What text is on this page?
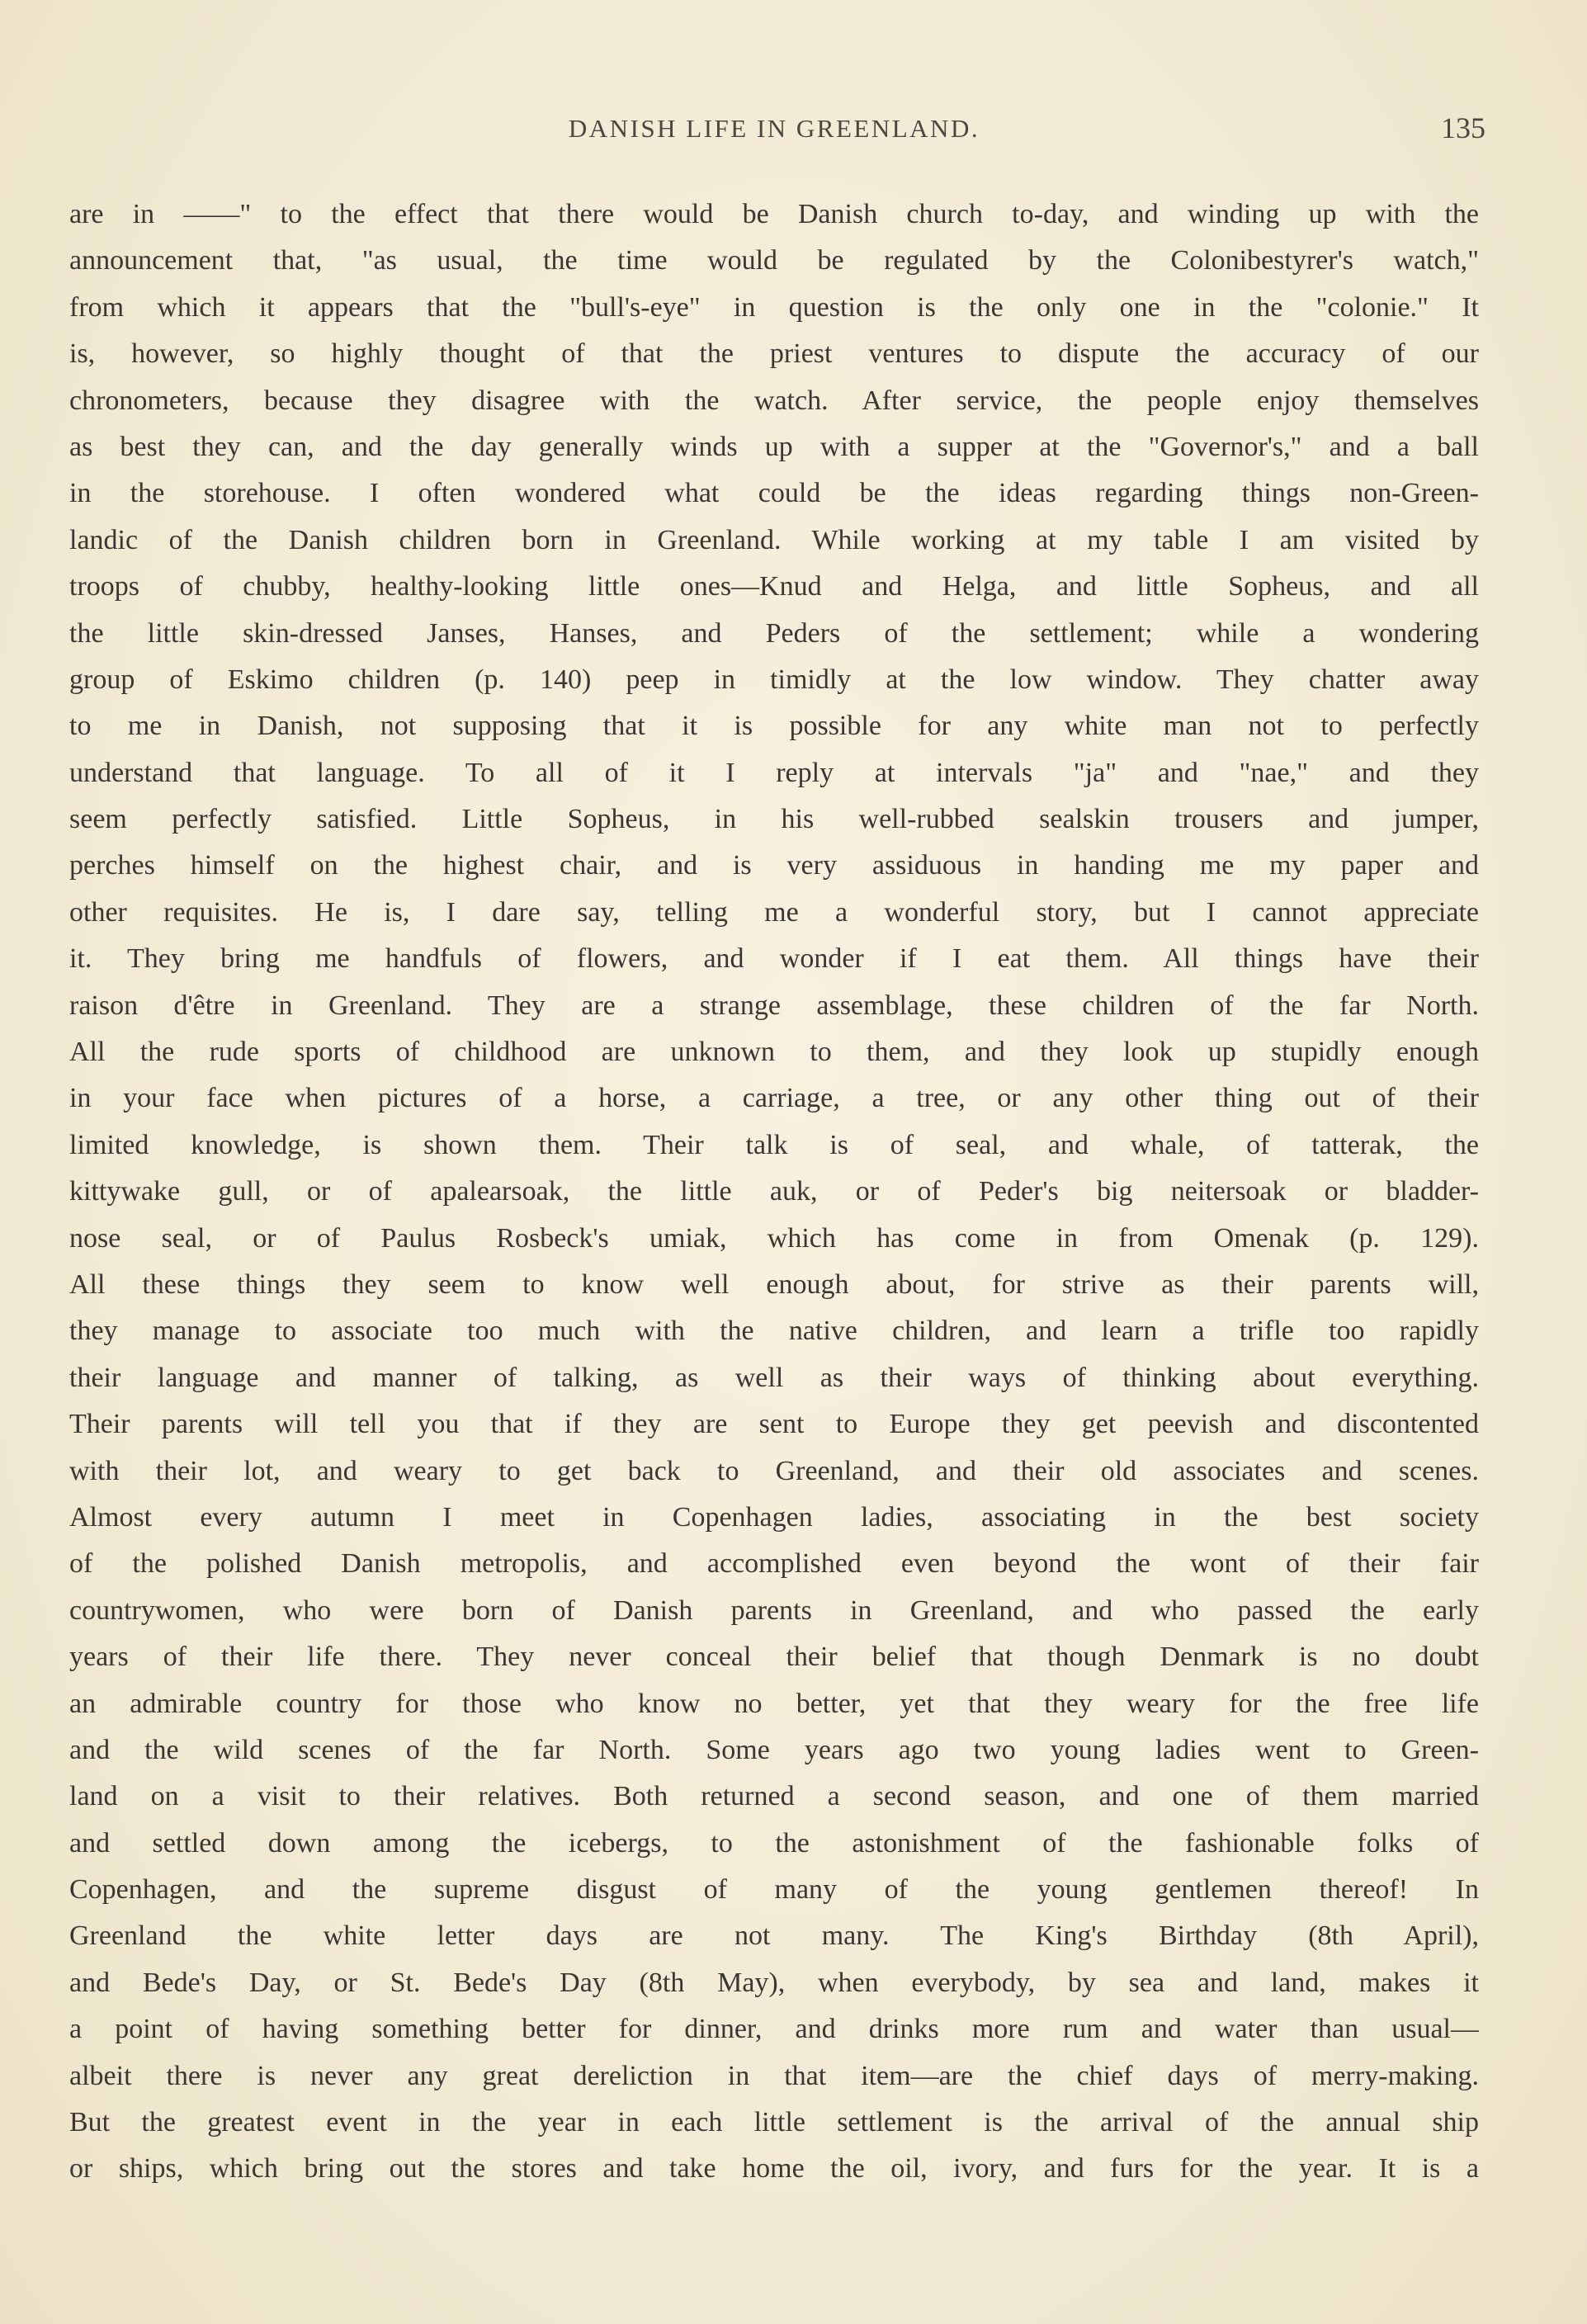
DANISH LIFE IN GREENLAND.	135
are in ——" to the effect that there would be Danish church to-day, and winding up with the
announcement that, "as usual, the time would be regulated by the Colonibestyrer's watch,"
from which it appears that the "bull's-eye" in question is the only one in the "colonie." It
is, however, so highly thought of that the priest ventures to dispute the accuracy of our
chronometers, because they disagree with the watch. After service, the people enjoy themselves
as best they can, and the day generally winds up with a supper at the "Governor's," and a ball
in the storehouse. I often wondered what could be the ideas regarding things non-Green-
landic of the Danish children born in Greenland. While working at my table I am visited by
troops of chubby, healthy-looking little ones—Knud and Helga, and little Sopheus, and all
the little skin-dressed Janses, Hanses, and Peders of the settlement; while a wondering
group of Eskimo children (p. 140) peep in timidly at the low window. They chatter away
to me in Danish, not supposing that it is possible for any white man not to perfectly
understand that language. To all of it I reply at intervals "ja" and "nae," and they
seem perfectly satisfied. Little Sopheus, in his well-rubbed sealskin trousers and jumper,
perches himself on the highest chair, and is very assiduous in handing me my paper and
other requisites. He is, I dare say, telling me a wonderful story, but I cannot appreciate
it. They bring me handfuls of flowers, and wonder if I eat them. All things have their
raison d'être in Greenland. They are a strange assemblage, these children of the far North.
All the rude sports of childhood are unknown to them, and they look up stupidly enough
in your face when pictures of a horse, a carriage, a tree, or any other thing out of their
limited knowledge, is shown them. Their talk is of seal, and whale, of tatterak, the
kittywake gull, or of apalearsoak, the little auk, or of Peder's big neitersoak or bladder-
nose seal, or of Paulus Rosbeck's umiak, which has come in from Omenak (p. 129).
All these things they seem to know well enough about, for strive as their parents will,
they manage to associate too much with the native children, and learn a trifle too rapidly
their language and manner of talking, as well as their ways of thinking about everything.
Their parents will tell you that if they are sent to Europe they get peevish and discontented
with their lot, and weary to get back to Greenland, and their old associates and scenes.
Almost every autumn I meet in Copenhagen ladies, associating in the best society
of the polished Danish metropolis, and accomplished even beyond the wont of their fair
countrywomen, who were born of Danish parents in Greenland, and who passed the early
years of their life there. They never conceal their belief that though Denmark is no doubt
an admirable country for those who know no better, yet that they weary for the free life
and the wild scenes of the far North. Some years ago two young ladies went to Green-
land on a visit to their relatives. Both returned a second season, and one of them married
and settled down among the icebergs, to the astonishment of the fashionable folks of
Copenhagen, and the supreme disgust of many of the young gentlemen thereof! In
Greenland the white letter days are not many. The King's Birthday (8th April),
and Bede's Day, or St. Bede's Day (8th May), when everybody, by sea and land, makes it
a point of having something better for dinner, and drinks more rum and water than usual—
albeit there is never any great dereliction in that item—are the chief days of merry-making.
But the greatest event in the year in each little settlement is the arrival of the annual ship
or ships, which bring out the stores and take home the oil, ivory, and furs for the year. It is a
